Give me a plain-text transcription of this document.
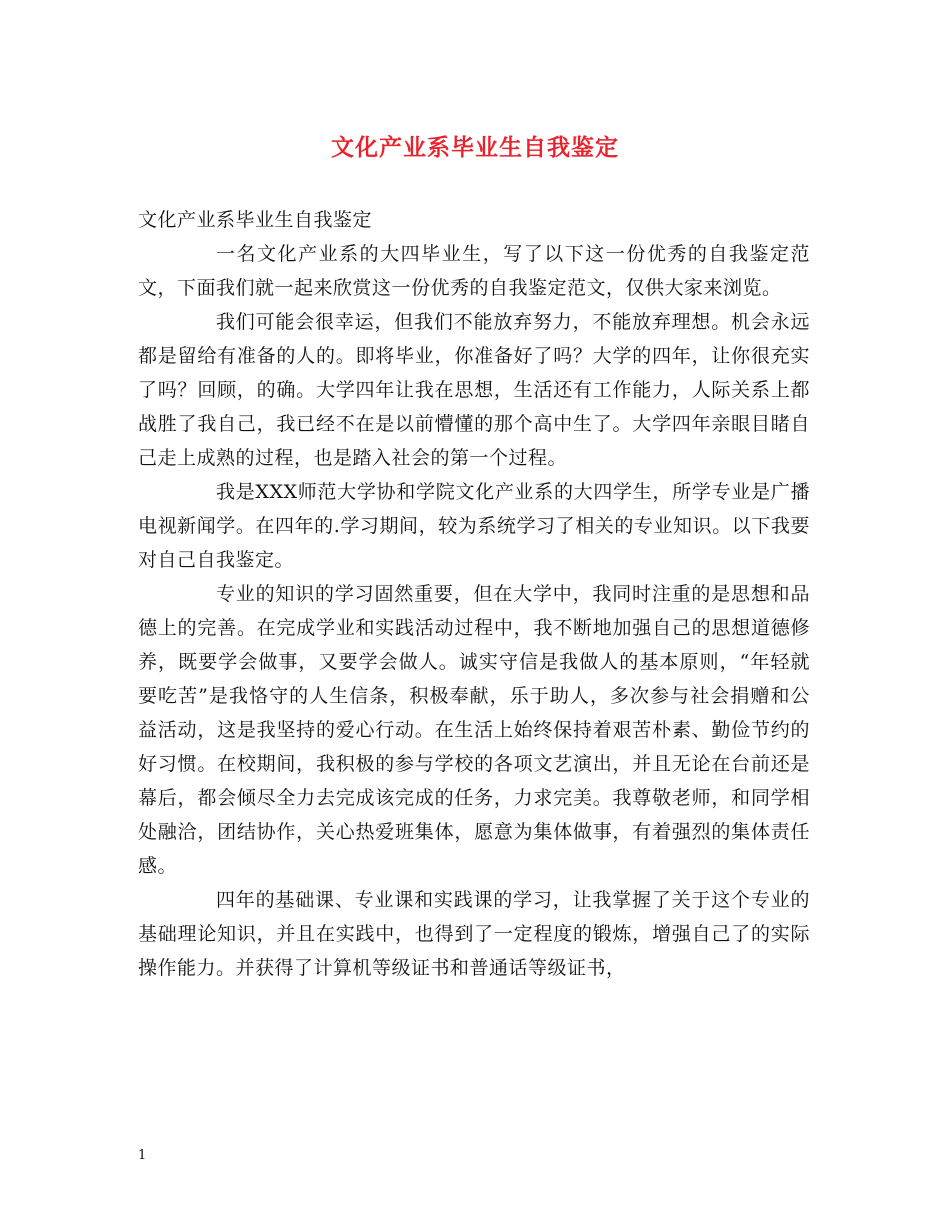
文化产业系毕业生自我鉴定

文化产业系毕业生自我鉴定

一名文化产业系的大四毕业生，写了以下这一份优秀的自我鉴定范文，下面我们就一起来欣赏这一份优秀的自我鉴定范文，仅供大家来浏览。

我们可能会很幸运，但我们不能放弃努力，不能放弃理想。机会永远都是留给有准备的人的。即将毕业，你准备好了吗？大学的四年，让你很充实了吗？回顾，的确。大学四年让我在思想，生活还有工作能力，人际关系上都战胜了我自己，我已经不在是以前懵懂的那个高中生了。大学四年亲眼目睹自己走上成熟的过程，也是踏入社会的第一个过程。

我是XXX师范大学协和学院文化产业系的大四学生，所学专业是广播电视新闻学。在四年的.学习期间，较为系统学习了相关的专业知识。以下我要对自己自我鉴定。

专业的知识的学习固然重要，但在大学中，我同时注重的是思想和品德上的完善。在完成学业和实践活动过程中，我不断地加强自己的思想道德修养，既要学会做事，又要学会做人。诚实守信是我做人的基本原则，“年轻就要吃苦”是我恪守的人生信条，积极奉献，乐于助人，多次参与社会捐赠和公益活动，这是我坚持的爱心行动。在生活上始终保持着艰苦朴素、勤俭节约的好习惯。在校期间，我积极的参与学校的各项文艺演出，并且无论在台前还是幕后，都会倾尽全力去完成该完成的任务，力求完美。我尊敬老师，和同学相处融洽，团结协作，关心热爱班集体，愿意为集体做事，有着强烈的集体责任感。

四年的基础课、专业课和实践课的学习，让我掌握了关于这个专业的基础理论知识，并且在实践中，也得到了一定程度的锻炼，增强自己了的实际操作能力。并获得了计算机等级证书和普通话等级证书，

1
